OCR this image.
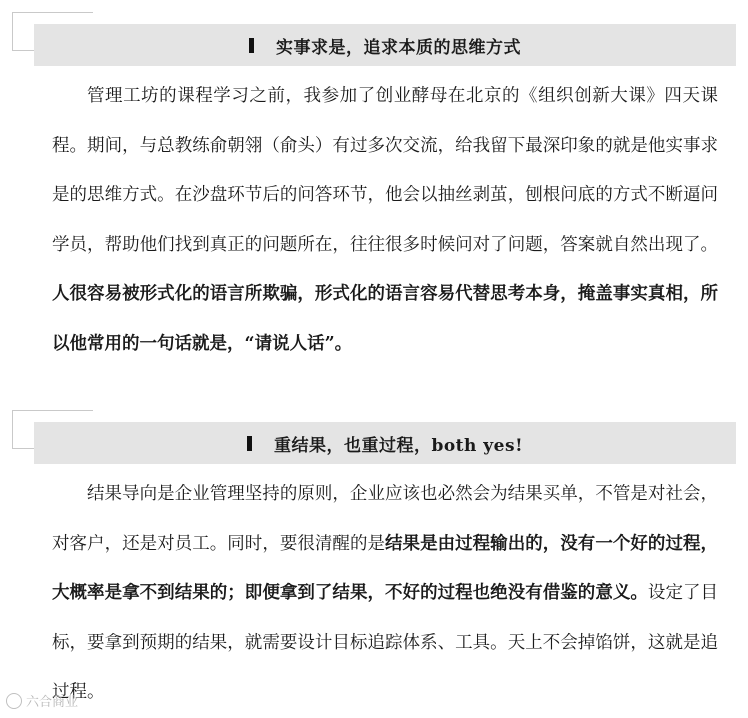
实事求是，追求本质的思维方式

管理工坊的课程学习之前，我参加了创业酵母在北京的《组织创新大课》四天课程。期间，与总教练俞朝翎（俞头）有过多次交流，给我留下最深印象的就是他实事求是的思维方式。在沙盘环节后的问答环节，他会以抽丝剥茧，刨根问底的方式不断逼问学员，帮助他们找到真正的问题所在，往往很多时候问对了问题，答案就自然出现了。人很容易被形式化的语言所欺骗，形式化的语言容易代替思考本身，掩盖事实真相，所以他常用的一句话就是，“请说人话”。

重结果，也重过程，both yes!

结果导向是企业管理坚持的原则，企业应该也必然会为结果买单，不管是对社会，对客户，还是对员工。同时，要很清醒的是结果是由过程输出的，没有一个好的过程，大概率是拿不到结果的；即便拿到了结果，不好的过程也绝没有借鉴的意义。设定了目标，要拿到预期的结果，就需要设计目标追踪体系、工具。天上不会掉馅饼，这就是追过程。

六合商业
